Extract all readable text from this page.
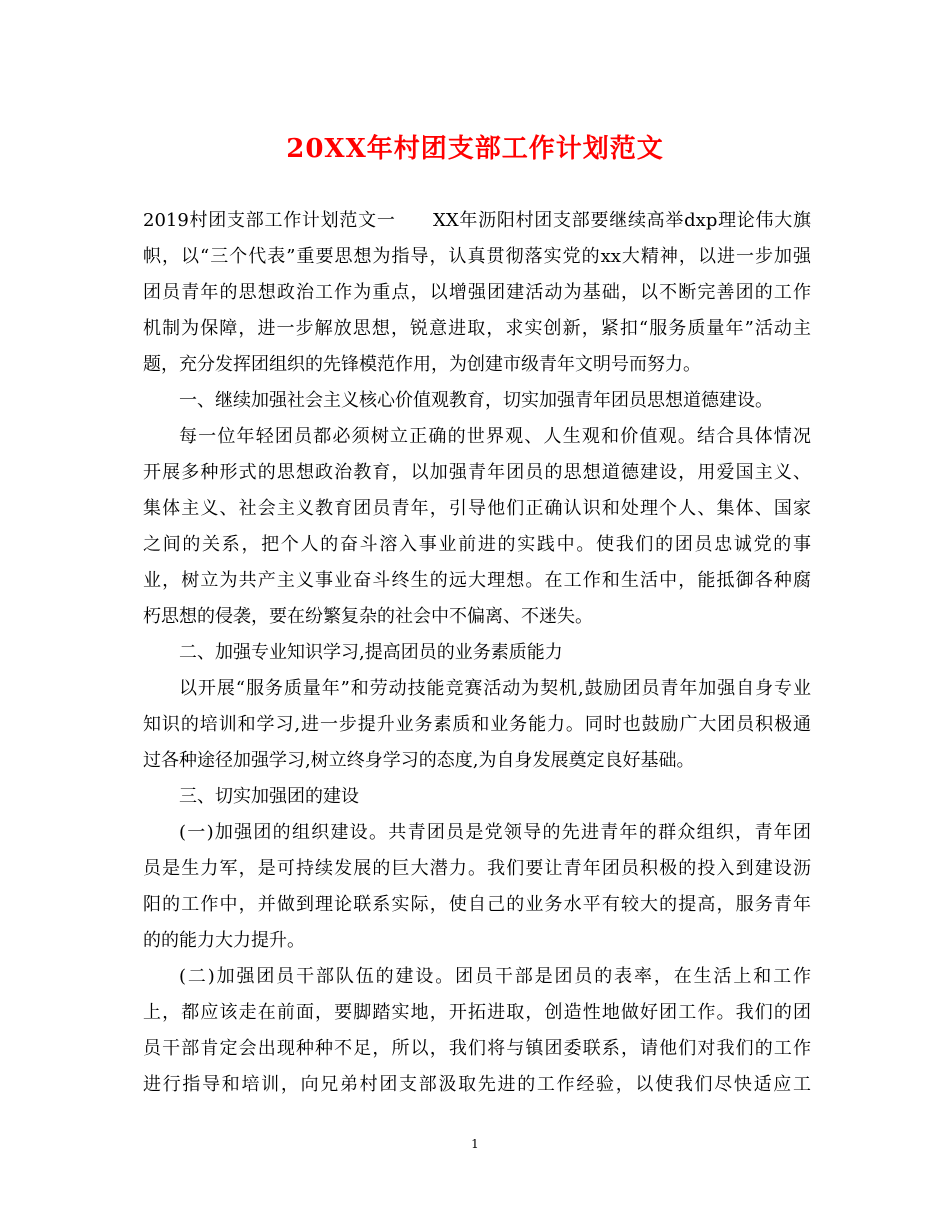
20XX年村团支部工作计划范文
2019村团支部工作计划范文一　　XX年沥阳村团支部要继续高举dxp理论伟大旗
帜，以“三个代表”重要思想为指导，认真贯彻落实党的xx大精神，以进一步加强
团员青年的思想政治工作为重点，以增强团建活动为基础，以不断完善团的工作
机制为保障，进一步解放思想，锐意进取，求实创新，紧扣“服务质量年”活动主
题，充分发挥团组织的先锋模范作用，为创建市级青年文明号而努力。
一、继续加强社会主义核心价值观教育，切实加强青年团员思想道德建设。
每一位年轻团员都必须树立正确的世界观、人生观和价值观。结合具体情况
开展多种形式的思想政治教育，以加强青年团员的思想道德建设，用爱国主义、
集体主义、社会主义教育团员青年，引导他们正确认识和处理个人、集体、国家
之间的关系，把个人的奋斗溶入事业前进的实践中。使我们的团员忠诚党的事
业，树立为共产主义事业奋斗终生的远大理想。在工作和生活中，能抵御各种腐
朽思想的侵袭，要在纷繁复杂的社会中不偏离、不迷失。
二、加强专业知识学习,提高团员的业务素质能力
以开展“服务质量年”和劳动技能竞赛活动为契机,鼓励团员青年加强自身专业
知识的培训和学习,进一步提升业务素质和业务能力。同时也鼓励广大团员积极通
过各种途径加强学习,树立终身学习的态度,为自身发展奠定良好基础。
三、切实加强团的建设
(一)加强团的组织建设。共青团员是党领导的先进青年的群众组织，青年团
员是生力军，是可持续发展的巨大潜力。我们要让青年团员积极的投入到建设沥
阳的工作中，并做到理论联系实际，使自己的业务水平有较大的提高，服务青年
的的能力大力提升。
(二)加强团员干部队伍的建设。团员干部是团员的表率，在生活上和工作
上，都应该走在前面，要脚踏实地，开拓进取，创造性地做好团工作。我们的团
员干部肯定会出现种种不足，所以，我们将与镇团委联系，请他们对我们的工作
进行指导和培训，向兄弟村团支部汲取先进的工作经验，以使我们尽快适应工
1
